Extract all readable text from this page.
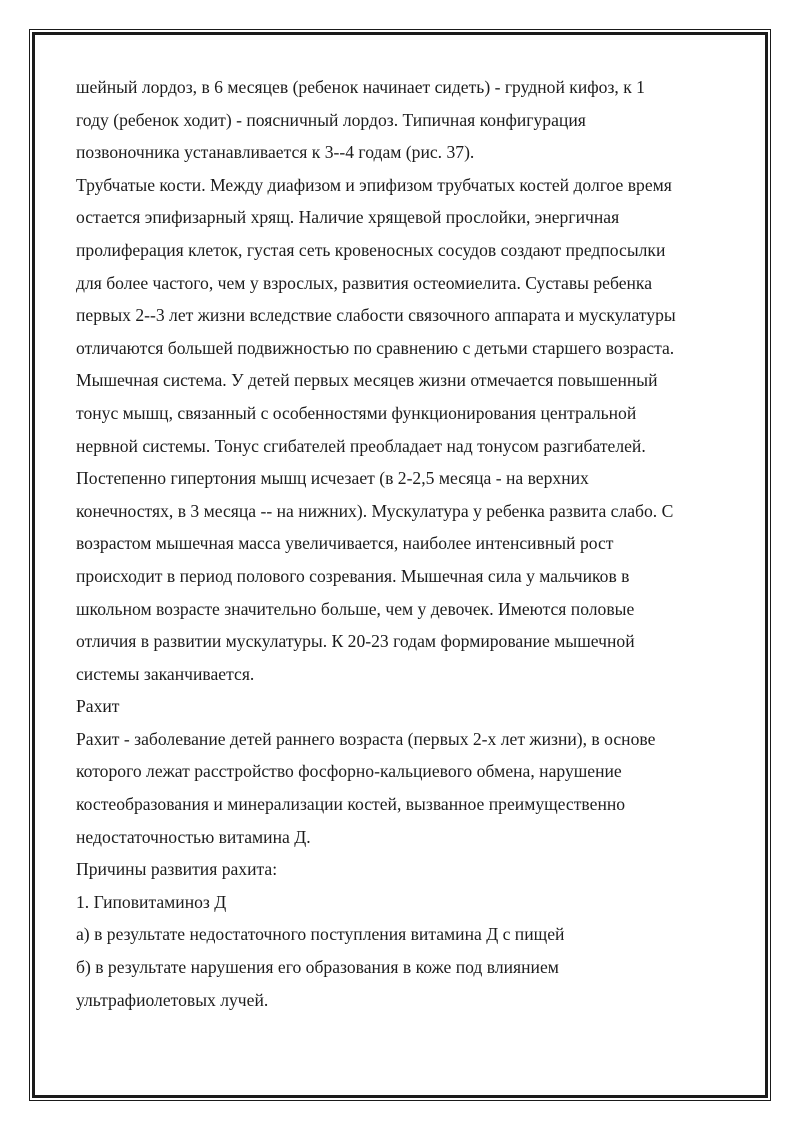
шейный лордоз, в 6 месяцев (ребенок начинает сидеть) - грудной кифоз, к 1

году (ребенок ходит) - поясничный лордоз. Типичная конфигурация

позвоночника устанавливается к 3--4 годам (рис. 37).

Трубчатые кости. Между диафизом и эпифизом трубчатых костей долгое время

остается эпифизарный хрящ. Наличие хрящевой прослойки, энергичная

пролиферация клеток, густая сеть кровеносных сосудов создают предпосылки

для более частого, чем у взрослых, развития остеомиелита. Суставы ребенка

первых 2--3 лет жизни вследствие слабости связочного аппарата и мускулатуры

отличаются большей подвижностью по сравнению с детьми старшего возраста.

Мышечная система. У детей первых месяцев жизни отмечается повышенный

тонус мышц, связанный с особенностями функционирования центральной

нервной системы. Тонус сгибателей преобладает над тонусом разгибателей.

Постепенно гипертония мышц исчезает (в 2-2,5 месяца - на верхних

конечностях, в 3 месяца -- на нижних). Мускулатура у ребенка развита слабо. С

возрастом мышечная масса увеличивается, наиболее интенсивный рост

происходит в период полового созревания. Мышечная сила у мальчиков в

школьном возрасте значительно больше, чем у девочек. Имеются половые

отличия в развитии мускулатуры. К 20-23 годам формирование мышечной

системы заканчивается.

Рахит

Рахит - заболевание детей раннего возраста (первых 2-х лет жизни), в основе

которого лежат расстройство фосфорно-кальциевого обмена, нарушение

костеобразования и минерализации костей, вызванное преимущественно

недостаточностью витамина Д.

Причины развития рахита:

1. Гиповитаминоз Д

а) в результате недостаточного поступления витамина Д с пищей

б) в результате нарушения его образования в коже под влиянием

ультрафиолетовых лучей.
